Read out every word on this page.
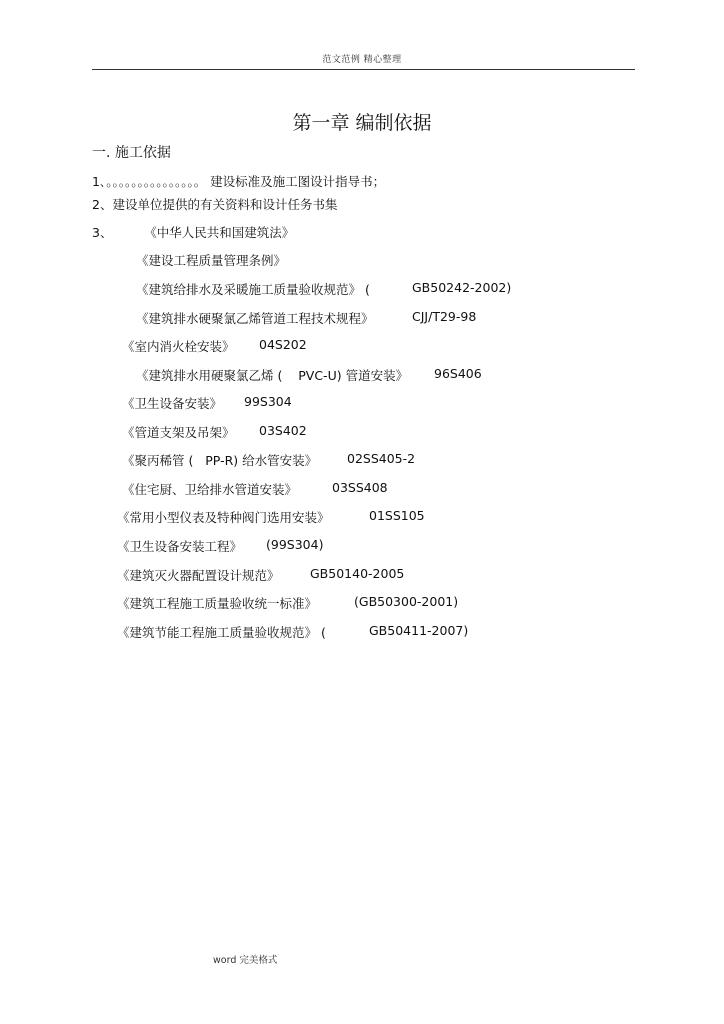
范文范例 精心整理
第一章 编制依据
一. 施工依据
1､。。。。。。。。。。。。。。。 建设标准及施工图设计指导书；
2、建设单位提供的有关资料和设计任务书集
3、        《中华人民共和国建筑法》
《建设工程质量管理条例》
《建筑给排水及采暖施工质量验收规范》 (	GB50242-2002)
《建筑排水硬聚氯乙烯管道工程技术规程》	CJJ/T29-98
《室内消火栓安装》 04S202
《建筑排水用硬聚氯乙烯 (    PVC-U) 管道安装》 96S406
《卫生设备安装》 99S304
《管道支架及吊架》 03S402
《聚丙稀管 (   PP-R) 给水管安装》 02SS405-2
《住宅厨、卫给排水管道安装》	03SS408
《常用小型仪表及特种阀门选用安装》	01SS105
《卫生设备安装工程》 (99S304)
《建筑灭火器配置设计规范》 GB50140-2005
《建筑工程施工质量验收统一标准》	(GB50300-2001)
《建筑节能工程施工质量验收规范》 (	GB50411-2007)
word 完美格式
